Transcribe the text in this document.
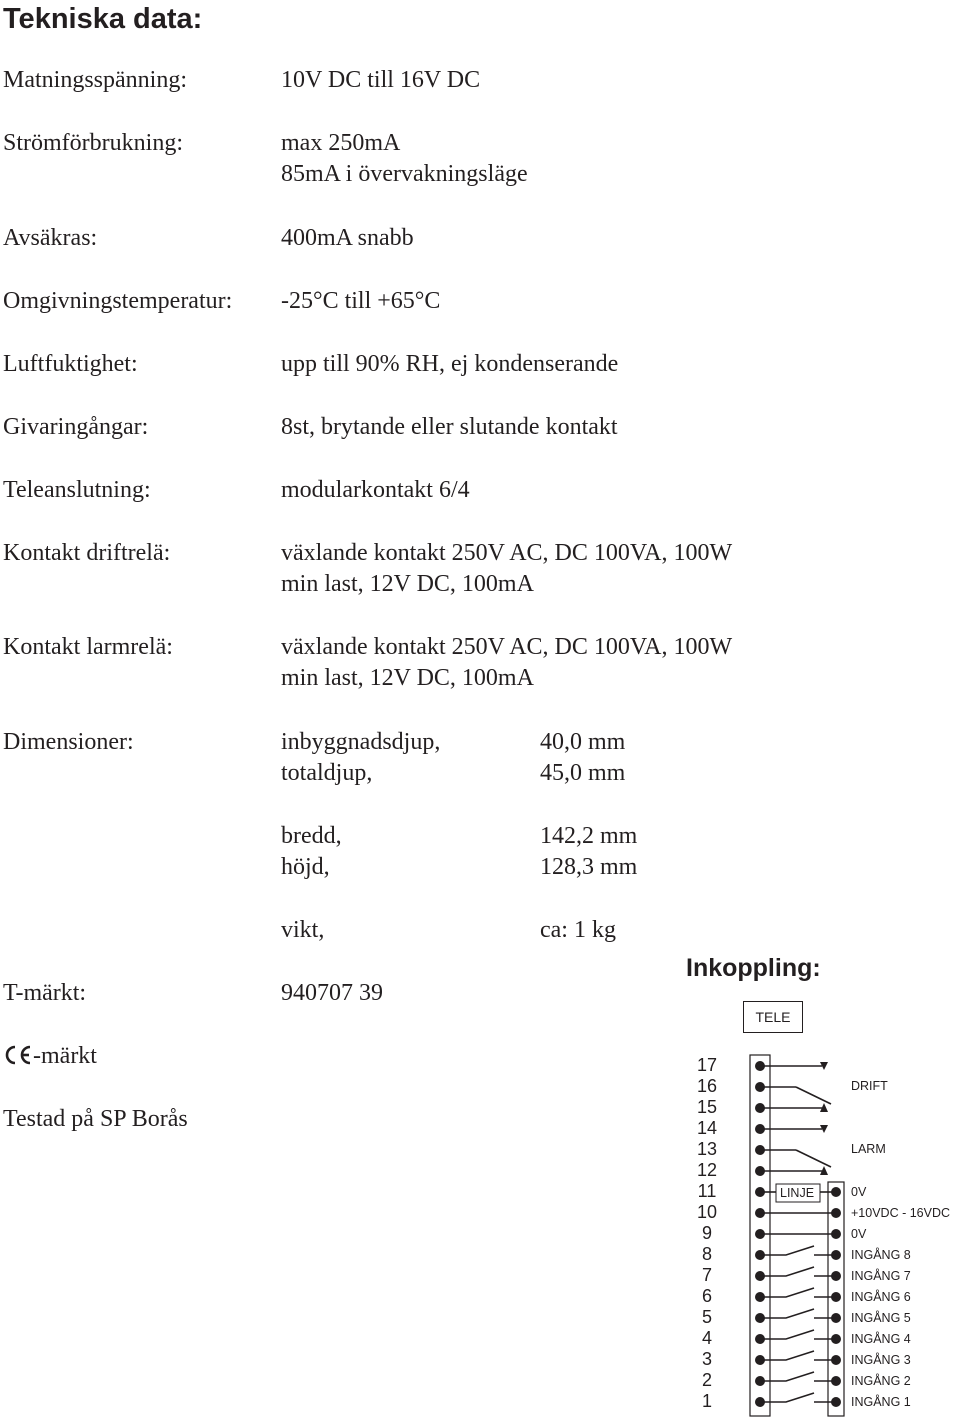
Tekniska data:
Matningsspänning:	10V DC till 16V DC
Strömförbrukning:	max 250mA
85mA i övervakningsläge
Avsäkras:	400mA snabb
Omgivningstemperatur: -25°C till +65°C
Luftfuktighet:	upp till 90% RH, ej kondenserande
Givaringångar:	8st, brytande eller slutande kontakt
Teleanslutning:	modularkontakt 6/4
Kontakt driftrelä:	växlande kontakt 250V AC, DC 100VA, 100W
min last, 12V DC, 100mA
Kontakt larmrelä:	växlande kontakt 250V AC, DC 100VA, 100W
min last, 12V DC, 100mA
Dimensioner:	inbyggnadsdjup,	40,0 mm
totaldjup,	45,0 mm
bredd,	142,2 mm
höjd,	128,3 mm
vikt,	ca: 1 kg
T-märkt:	940707 39
-märkt
Testad på SP Borås
Inkoppling:
TELE
LINJE
DRIFT
LARM
17
16
15
14
13
12
11
10
9
8
7
6
5
4
3
2
1
0V
+10VDC - 16VDC
0V
INGÅNG 8
INGÅNG 7
INGÅNG 6
INGÅNG 5
INGÅNG 4
INGÅNG 3
INGÅNG 2
INGÅNG 1
